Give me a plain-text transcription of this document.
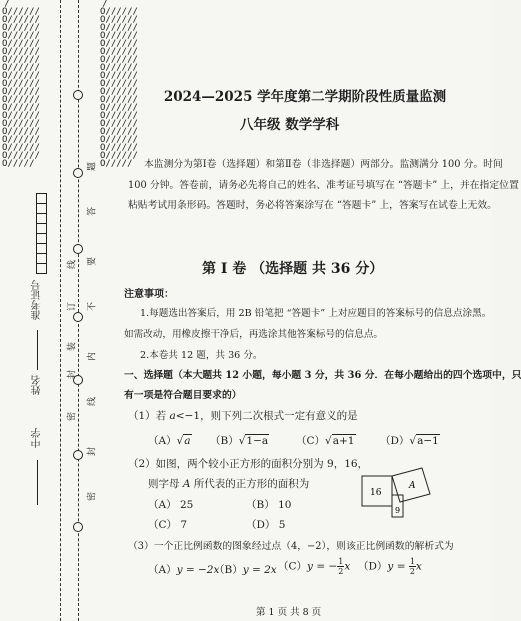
/O//////O//////O//////O//////O//////O//////O//////O//////O//////O//////O//////O//////O//////O//////O//////O//////O//////O//////O//////O/////
/O//////O//////O//////O//////O//////O//////O//////O//////O//////O//////O//////O//////O//////O//////O//////O//////O//////O//////O//////O/////
密
封
线
订
装
密
封
线
内
不
要
答
题
中学
姓名
准考证号
2024—2025 学年度第二学期阶段性质量监测
八年级 数学学科
本监测分为第Ⅰ卷（选择题）和第Ⅱ卷（非选择题）两部分。监测满分 100 分。时间
100 分钟。答卷前，请务必先将自己的姓名、准考证号填写在 “答题卡” 上，并在指定位置
粘贴考试用条形码。答题时，务必将答案涂写在 “答题卡” 上，答案写在试卷上无效。
第 Ⅰ 卷 （选择题 共 36 分）
注意事项：
1.每题选出答案后，用 2B 铅笔把 “答题卡” 上对应题目的答案标号的信息点涂黑。
如需改动，用橡皮擦干净后，再选涂其他答案标号的信息点。
2.本卷共 12 题，共 36 分。
一、选择题（本大题共 12 小题，每小题 3 分，共 36 分．在每小题给出的四个选项中，只
有一项是符合题目要求的）
（1）若 a<−1，则下列二次根式一定有意义的是
（A）√a （B）√1−a	（C）√a+1 （D）√a−1
（2）如图，两个较小正方形的面积分别为 9，16，
则字母 A 所代表的正方形的面积为
（A） 25	（B） 10
（C） 7	（D） 5
16
9
A
（3）一个正比例函数的图象经过点（4，−2），则该正比例函数的解析式为
（A）y = −2x
（B）y = 2x （C）y = − $\frac{1}{2}$ x $(D)y = \frac{1}{2}$ x
第 1 页 共 8 页
